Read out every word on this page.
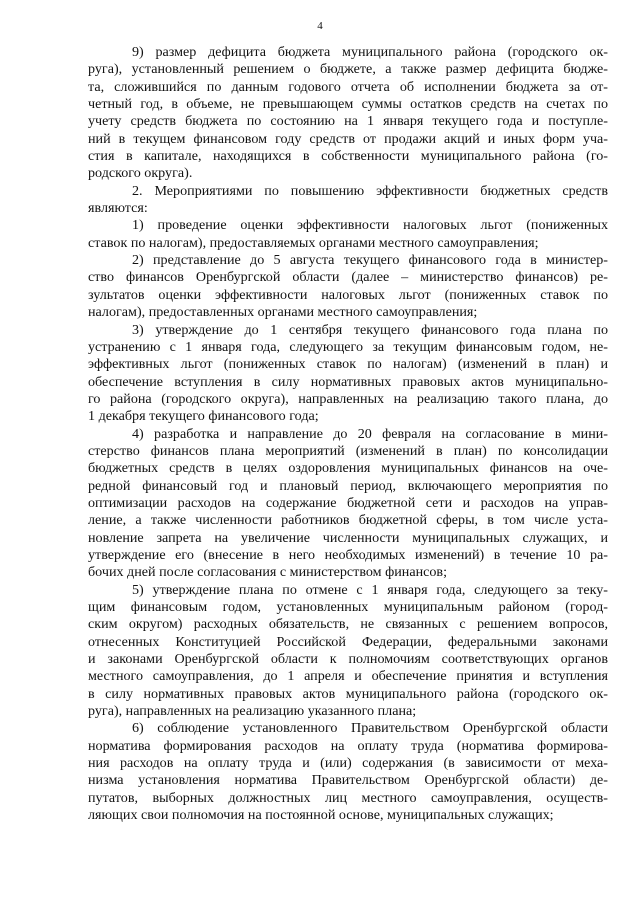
4
9) размер дефицита бюджета муниципального района (городского ок-
руга), установленный решением о бюджете, а также размер дефицита бюдже-
та, сложившийся по данным годового отчета об исполнении бюджета за от-
четный год, в объеме, не превышающем суммы остатков средств на счетах по
учету средств бюджета по состоянию на 1 января текущего года и поступле-
ний в текущем финансовом году средств от продажи акций и иных форм уча-
стия в капитале, находящихся в собственности муниципального района (го-
родского округа).
2. Мероприятиями по повышению эффективности бюджетных средств
являются:
1) проведение оценки эффективности налоговых льгот (пониженных
ставок по налогам), предоставляемых органами местного самоуправления;
2) представление до 5 августа текущего финансового года в министер-
ство финансов Оренбургской области (далее – министерство финансов) ре-
зультатов оценки эффективности налоговых льгот (пониженных ставок по
налогам), предоставленных органами местного самоуправления;
3) утверждение до 1 сентября текущего финансового года плана по
устранению с 1 января года, следующего за текущим финансовым годом, не-
эффективных льгот (пониженных ставок по налогам) (изменений в план) и
обеспечение вступления в силу нормативных правовых актов муниципально-
го района (городского округа), направленных на реализацию такого плана, до
1 декабря текущего финансового года;
4) разработка и направление до 20 февраля на согласование в мини-
стерство финансов плана мероприятий (изменений в план) по консолидации
бюджетных средств в целях оздоровления муниципальных финансов на оче-
редной финансовый год и плановый период, включающего мероприятия по
оптимизации расходов на содержание бюджетной сети и расходов на управ-
ление, а также численности работников бюджетной сферы, в том числе уста-
новление запрета на увеличение численности муниципальных служащих, и
утверждение его (внесение в него необходимых изменений) в течение 10 ра-
бочих дней после согласования с министерством финансов;
5) утверждение плана по отмене с 1 января года, следующего за теку-
щим финансовым годом, установленных муниципальным районом (город-
ским округом) расходных обязательств, не связанных с решением вопросов,
отнесенных Конституцией Российской Федерации, федеральными законами
и законами Оренбургской области к полномочиям соответствующих органов
местного самоуправления, до 1 апреля и обеспечение принятия и вступления
в силу нормативных правовых актов муниципального района (городского ок-
руга), направленных на реализацию указанного плана;
6) соблюдение установленного Правительством Оренбургской области
норматива формирования расходов на оплату труда (норматива формирова-
ния расходов на оплату труда и (или) содержания (в зависимости от меха-
низма установления норматива Правительством Оренбургской области) де-
путатов, выборных должностных лиц местного самоуправления, осуществ-
ляющих свои полномочия на постоянной основе, муниципальных служащих;
